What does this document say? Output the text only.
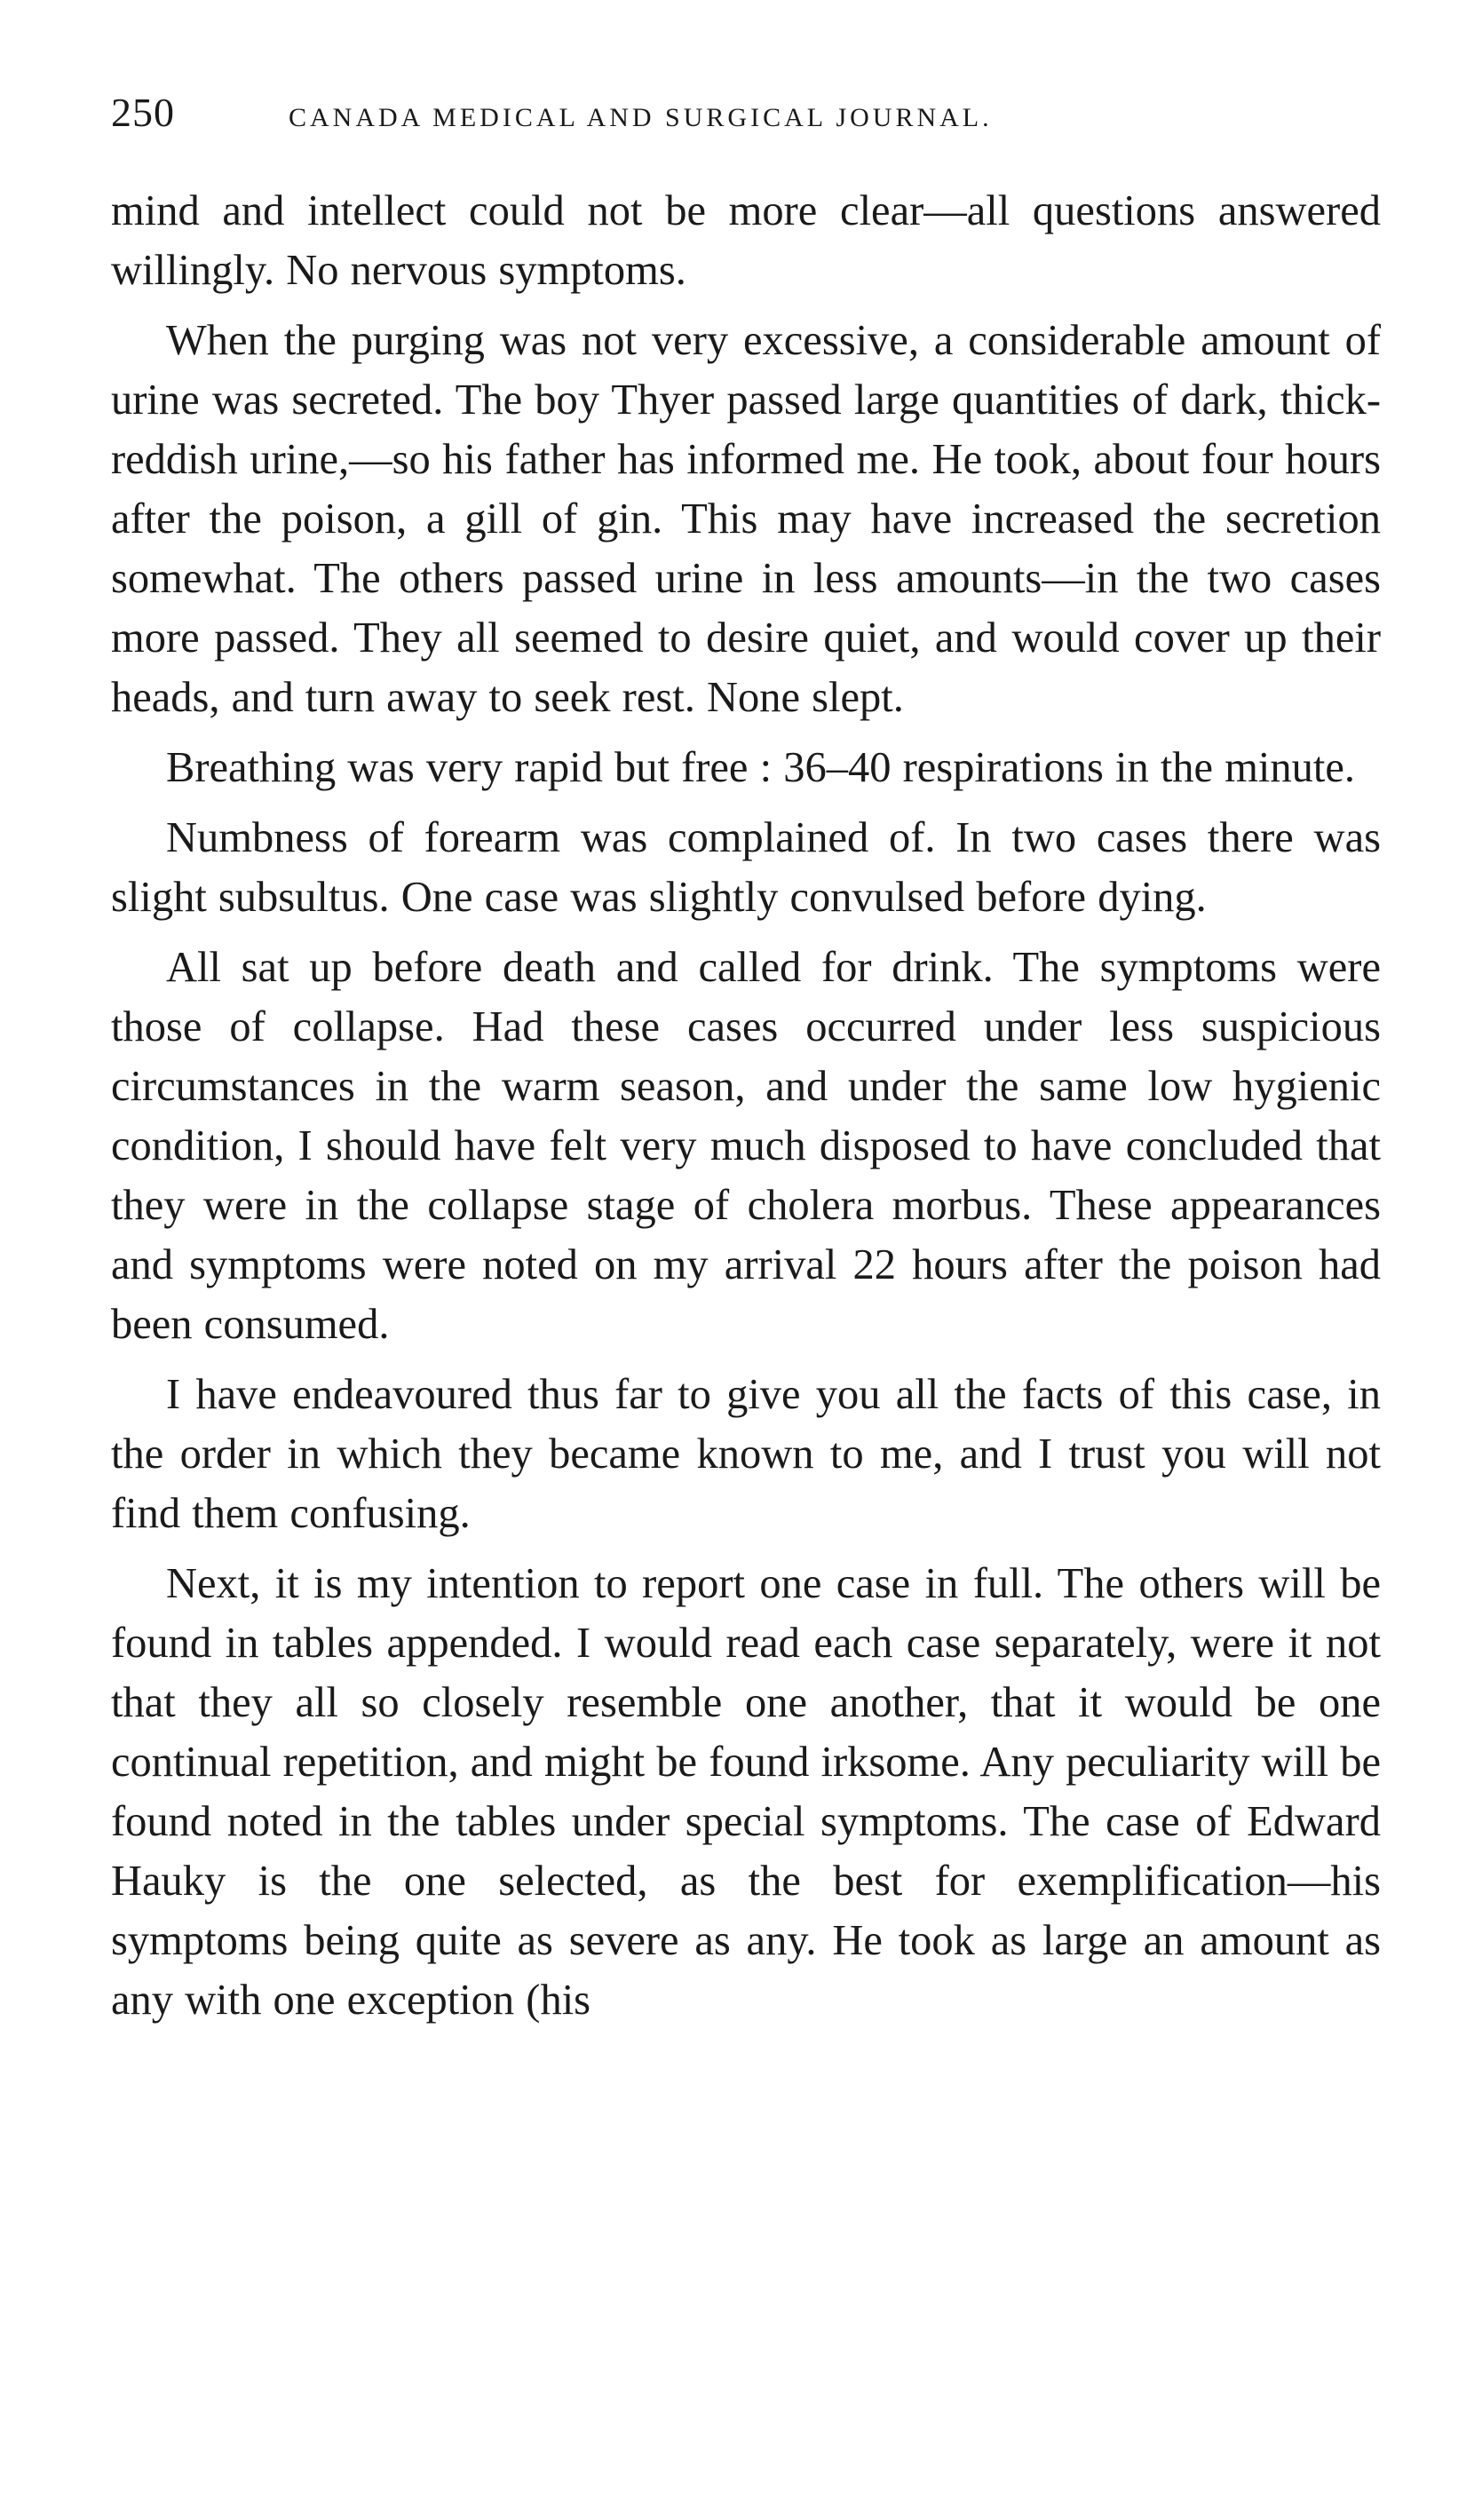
250	CANADA MEDICAL AND SURGICAL JOURNAL.

mind and intellect could not be more clear—all questions answered willingly. No nervous symptoms.

When the purging was not very excessive, a considerable amount of urine was secreted. The boy Thyer passed large quantities of dark, thick-reddish urine,—so his father has informed me. He took, about four hours after the poison, a gill of gin. This may have increased the secretion somewhat. The others passed urine in less amounts—in the two cases more passed. They all seemed to desire quiet, and would cover up their heads, and turn away to seek rest. None slept.

Breathing was very rapid but free : 36–40 respirations in the minute.

Numbness of forearm was complained of. In two cases there was slight subsultus. One case was slightly convulsed before dying.

All sat up before death and called for drink. The symptoms were those of collapse. Had these cases occurred under less suspicious circumstances in the warm season, and under the same low hygienic condition, I should have felt very much disposed to have concluded that they were in the collapse stage of cholera morbus. These appearances and symptoms were noted on my arrival 22 hours after the poison had been consumed.

I have endeavoured thus far to give you all the facts of this case, in the order in which they became known to me, and I trust you will not find them confusing.

Next, it is my intention to report one case in full. The others will be found in tables appended. I would read each case separately, were it not that they all so closely resemble one another, that it would be one continual repetition, and might be found irksome. Any peculiarity will be found noted in the tables under special symptoms. The case of Edward Hauky is the one selected, as the best for exemplification—his symptoms being quite as severe as any. He took as large an amount as any with one exception (his
